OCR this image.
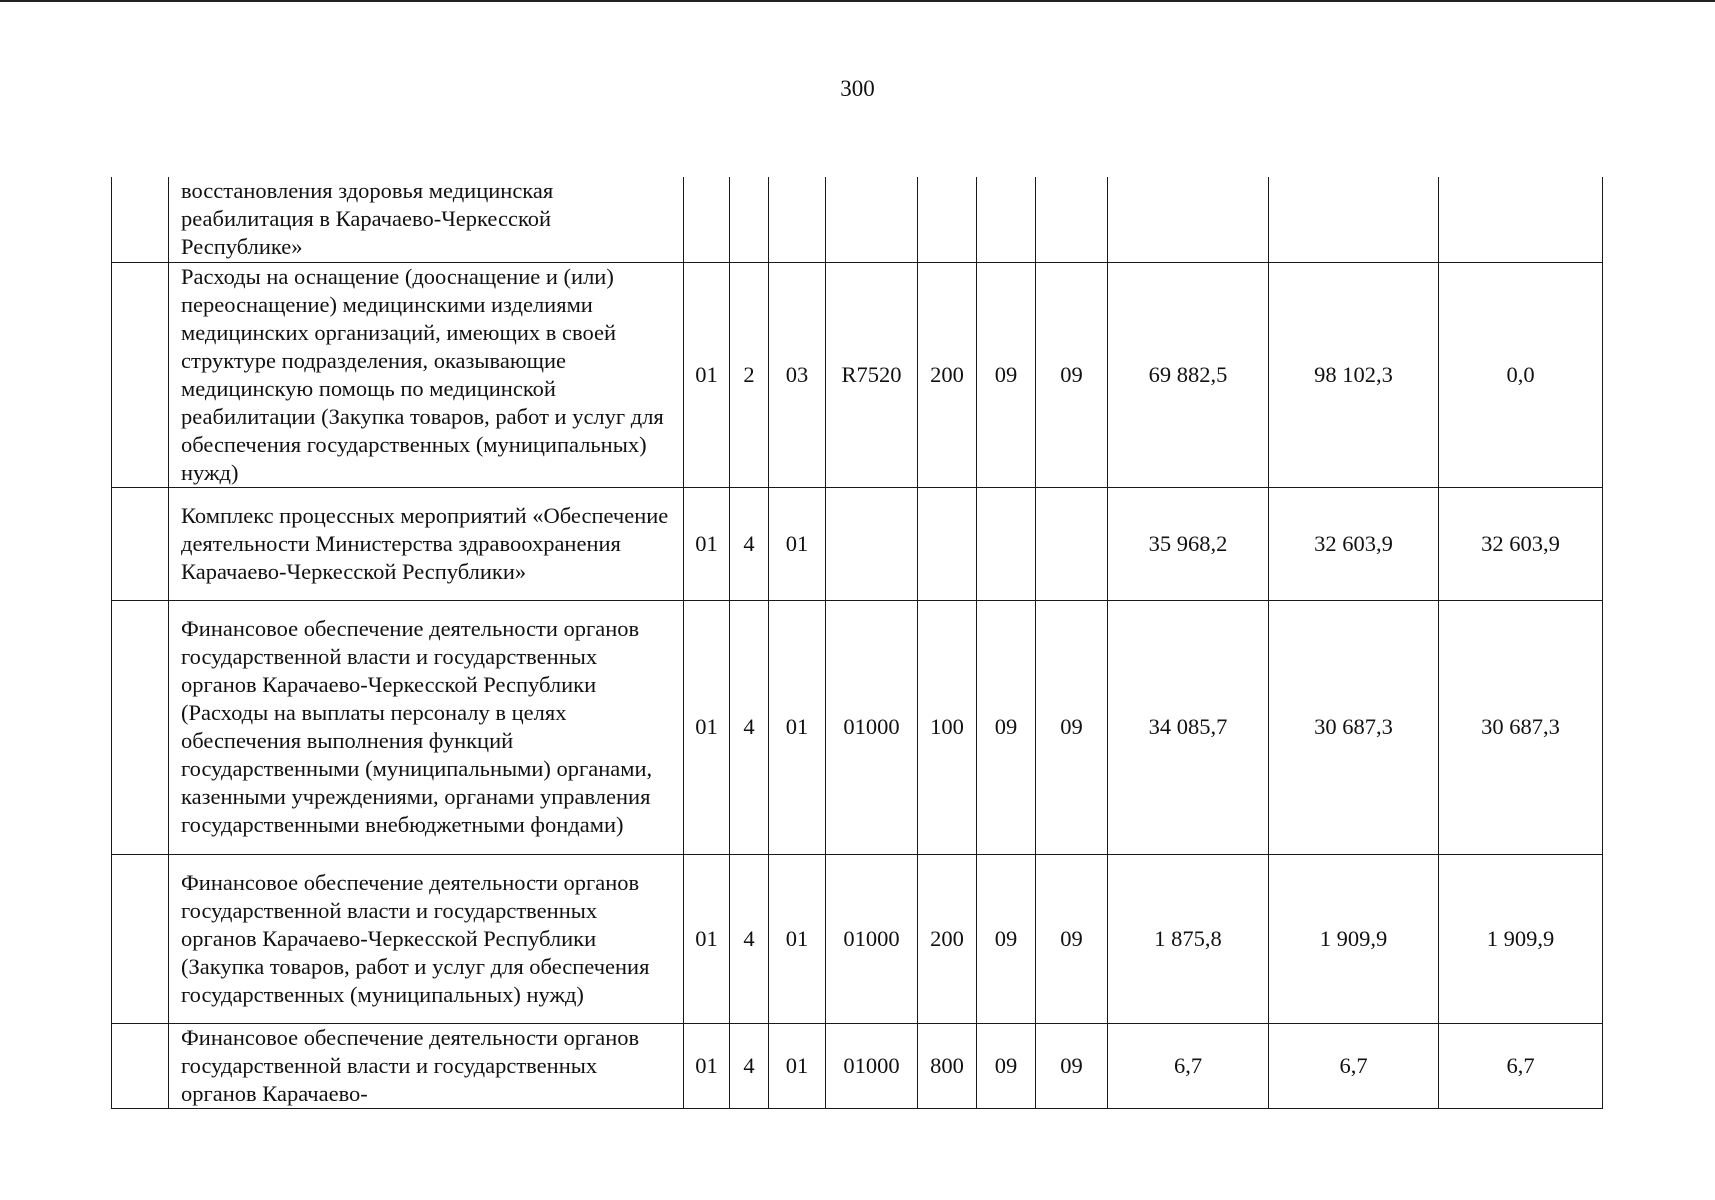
300
	восстановления здоровья медицинская реабилитация в Карачаево-Черкесской Республике»										
	Расходы на оснащение (дооснащение и (или) переоснащение) медицинскими изделиями медицинских организаций, имеющих в своей структуре подразделения, оказывающие медицинскую помощь по медицинской реабилитации (Закупка товаров, работ и услуг для обеспечения государственных (муниципальных) нужд)	01	2	03	R7520	200	09	09	69 882,5	98 102,3	0,0
	Комплекс процессных мероприятий «Обеспечение деятельности Министерства здравоохранения Карачаево-Черкесской Республики»	01	4	01					35 968,2	32 603,9	32 603,9
	Финансовое обеспечение деятельности органов государственной власти и государственных органов Карачаево-Черкесской Республики (Расходы на выплаты персоналу в целях обеспечения выполнения функций государственными (муниципальными) органами, казенными учреждениями, органами управления государственными внебюджетными фондами)	01	4	01	01000	100	09	09	34 085,7	30 687,3	30 687,3
	Финансовое обеспечение деятельности органов государственной власти и государственных органов Карачаево-Черкесской Республики (Закупка товаров, работ и услуг для обеспечения государственных (муниципальных) нужд)	01	4	01	01000	200	09	09	1 875,8	1 909,9	1 909,9
	Финансовое обеспечение деятельности органов государственной власти и государственных органов Карачаево-	01	4	01	01000	800	09	09	6,7	6,7	6,7
